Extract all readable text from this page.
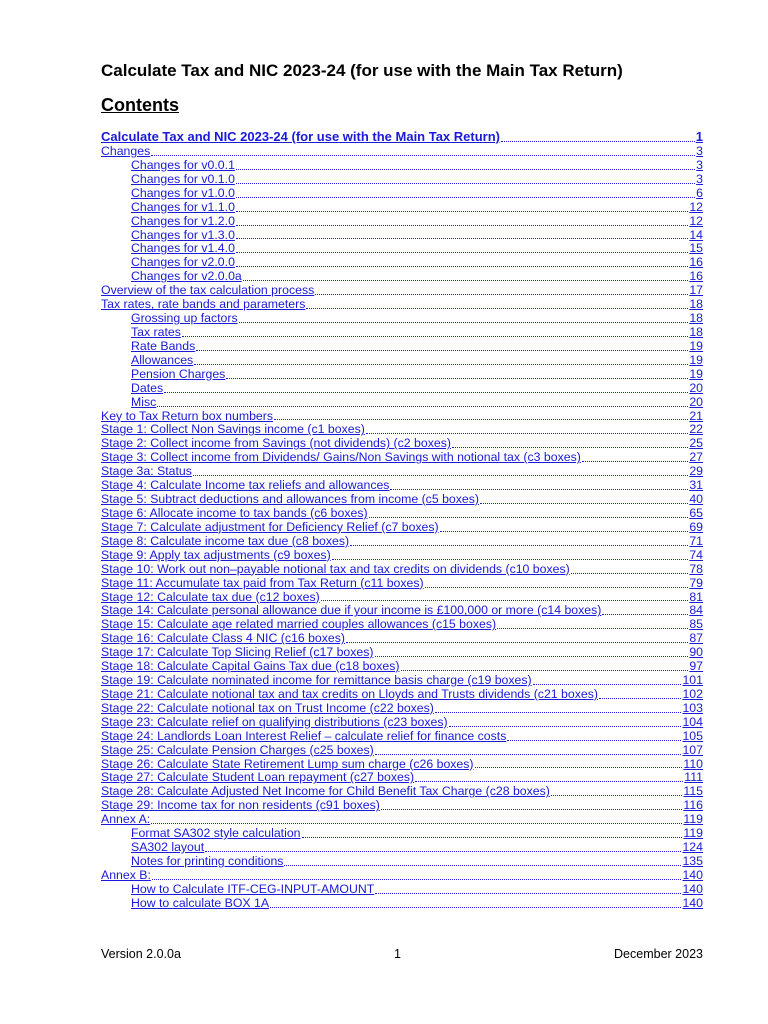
Calculate Tax and NIC 2023-24 (for use with the Main Tax Return)
Contents
Calculate Tax and NIC 2023-24 (for use with the Main Tax Return)	1
Changes	3
Changes for v0.0.1	3
Changes for v0.1.0	3
Changes for v1.0.0	6
Changes for v1.1.0	12
Changes for v1.2.0	12
Changes for v1.3.0	14
Changes for v1.4.0	15
Changes for v2.0.0	16
Changes for v2.0.0a	16
Overview of the tax calculation process	17
Tax rates, rate bands and parameters	18
Grossing up factors	18
Tax rates	18
Rate Bands	19
Allowances	19
Pension Charges	19
Dates	20
Misc	20
Key to Tax Return box numbers	21
Stage 1: Collect Non Savings income (c1 boxes)	22
Stage 2: Collect income from Savings (not dividends) (c2 boxes)	25
Stage 3: Collect income from Dividends/ Gains/Non Savings with notional tax (c3 boxes)	27
Stage 3a: Status	29
Stage 4: Calculate Income tax reliefs and allowances	31
Stage 5: Subtract deductions and allowances from income (c5 boxes)	40
Stage 6: Allocate income to tax bands (c6 boxes)	65
Stage 7: Calculate adjustment for Deficiency Relief (c7 boxes)	69
Stage 8: Calculate income tax due (c8 boxes)	71
Stage 9: Apply tax adjustments (c9 boxes)	74
Stage 10: Work out non–payable notional tax and tax credits on dividends (c10 boxes)	78
Stage 11: Accumulate tax paid from Tax Return (c11 boxes)	79
Stage 12: Calculate tax due (c12 boxes)	81
Stage 14: Calculate personal allowance due if your income is £100,000 or more (c14 boxes)	84
Stage 15: Calculate age related married couples allowances (c15 boxes)	85
Stage 16: Calculate Class 4 NIC (c16 boxes)	87
Stage 17: Calculate Top Slicing Relief (c17 boxes)	90
Stage 18: Calculate Capital Gains Tax due (c18 boxes)	97
Stage 19: Calculate nominated income for remittance basis charge (c19 boxes)	101
Stage 21: Calculate notional tax and tax credits on Lloyds and Trusts dividends (c21 boxes)	102
Stage 22: Calculate notional tax on Trust Income (c22 boxes)	103
Stage 23: Calculate relief on qualifying distributions (c23 boxes)	104
Stage 24: Landlords Loan Interest Relief – calculate relief for finance costs	105
Stage 25: Calculate Pension Charges (c25 boxes)	107
Stage 26: Calculate State Retirement Lump sum charge (c26 boxes)	110
Stage 27: Calculate Student Loan repayment (c27 boxes)	111
Stage 28: Calculate Adjusted Net Income for Child Benefit Tax Charge (c28 boxes)	115
Stage 29: Income tax for non residents (c91 boxes)	116
Annex A:	119
Format SA302 style calculation	119
SA302 layout	124
Notes for printing conditions	135
Annex B:	140
How to Calculate ITF-CEG-INPUT-AMOUNT	140
How to calculate BOX 1A	140
Version 2.0.0a	1	December 2023
